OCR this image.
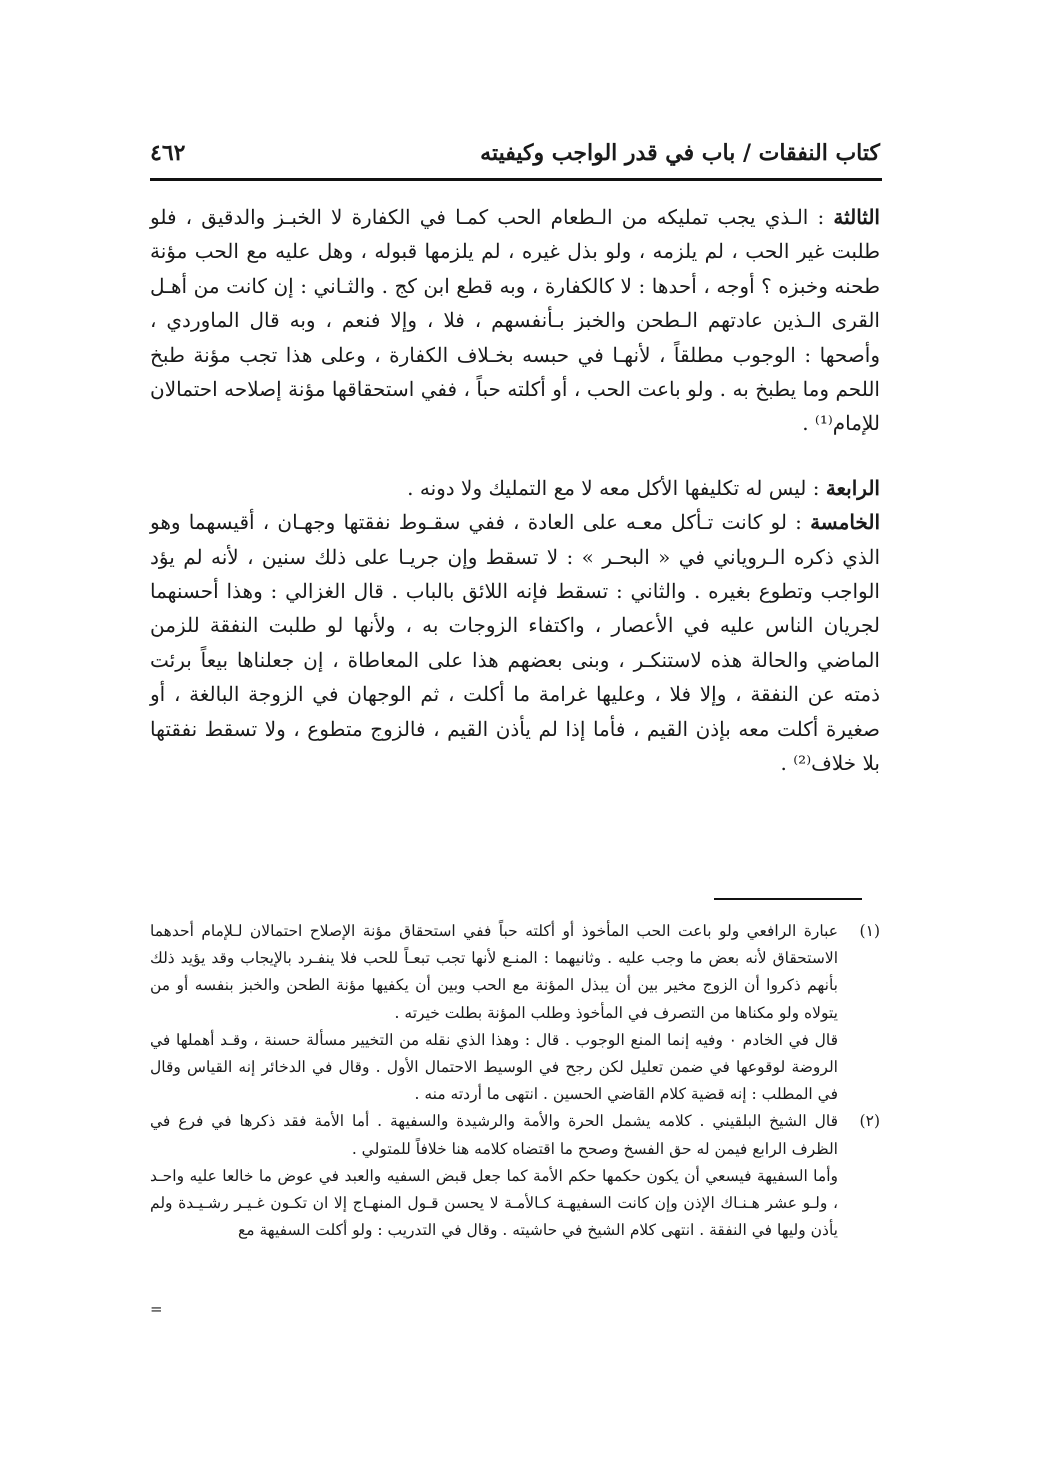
كتاب النفقات / باب في قدر الواجب وكيفيته
٤٦٢

الثالثة : الـذي يجب تمليكه من الـطعام الحب كمـا في الكفارة لا الخبـز والدقيق ، فلو طلبت غير الحب ، لم يلزمه ، ولو بذل غيره ، لم يلزمها قبوله ، وهل عليه مع الحب مؤنة طحنه وخبزه ؟ أوجه ، أحدها : لا كالكفارة ، وبه قطع ابن كج . والثـاني : إن كانت من أهـل القرى الـذين عادتهم الـطحن والخبز بـأنفسهم ، فلا ، وإلا فنعم ، وبه قال الماوردي ، وأصحها : الوجوب مطلقاً ، لأنهـا في حبسه بخـلاف الكفارة ، وعلى هذا تجب مؤنة طبخ اللحم وما يطبخ به . ولو باعت الحب ، أو أكلته حباً ، ففي استحقاقها مؤنة إصلاحه احتمالان للإمام⁽¹⁾ .

الرابعة : ليس له تكليفها الأكل معه لا مع التمليك ولا دونه .

الخامسة : لو كانت تـأكل معـه على العادة ، ففي سقـوط نفقتها وجهـان ، أقيسهما وهو الذي ذكره الـروياني في « البحـر » : لا تسقط وإن جريـا على ذلك سنين ، لأنه لم يؤد الواجب وتطوع بغيره . والثاني : تسقط فإنه اللائق بالباب . قال الغزالي : وهذا أحسنهما لجريان الناس عليه في الأعصار ، واكتفاء الزوجات به ، ولأنها لو طلبت النفقة للزمن الماضي والحالة هذه لاستنكـر ، وبنى بعضهم هذا على المعاطاة ، إن جعلناها بيعاً برئت ذمته عن النفقة ، وإلا فلا ، وعليها غرامة ما أكلت ، ثم الوجهان في الزوجة البالغة ، أو صغيرة أكلت معه بإذن القيم ، فأما إذا لم يأذن القيم ، فالزوج متطوع ، ولا تسقط نفقتها بلا خلاف⁽²⁾ .

(١)

عبارة الرافعي ولو باعت الحب المأخوذ أو أكلته حباً ففي استحقاق مؤنة الإصلاح احتمالان لـلإمام أحدهما الاستحقاق لأنه بعض ما وجب عليه . وثانيهما : المنـع لأنها تجب تبعـاً للحب فلا ينفـرد بالإيجاب وقد يؤيد ذلك بأنهم ذكروا أن الزوج مخير بين أن يبذل المؤنة مع الحب وبين أن يكفيها مؤنة الطحن والخبز بنفسه أو من يتولاه ولو مكناها من التصرف في المأخوذ وطلب المؤنة بطلت خيرته .

قال في الخادم ٠ وفيه إنما المنع الوجوب . قال : وهذا الذي نقله من التخيير مسألة حسنة ، وقـد أهملها في الروضة لوقوعها في ضمن تعليل لكن رجح في الوسيط الاحتمال الأول . وقال في الدخائر إنه القياس وقال في المطلب : إنه قضية كلام القاضي الحسين . انتهى ما أردته منه .

(٢)

قال الشيخ البلقيني . كلامه يشمل الحرة والأمة والرشيدة والسفيهة . أما الأمة فقد ذكرها في فرع في الظرف الرابع فيمن له حق الفسخ وصحح ما اقتضاه كلامه هنا خلافاً للمتولي .

وأما السفيهة فيسعي أن يكون حكمها حكم الأمة كما جعل قبض السفيه والعبد في عوض ما خالعا عليه واحـد ، ولـو عشر هـنـاك الإذن وإن كانت السفيهـة كـالأمـة لا يحسن قـول المنهـاج إلا ان تكـون غـيـر رشـيـدة ولم يأذن وليها في النفقة . انتهى كلام الشيخ في حاشيته . وقال في التدريب : ولو أكلت السفيهة مع

=
